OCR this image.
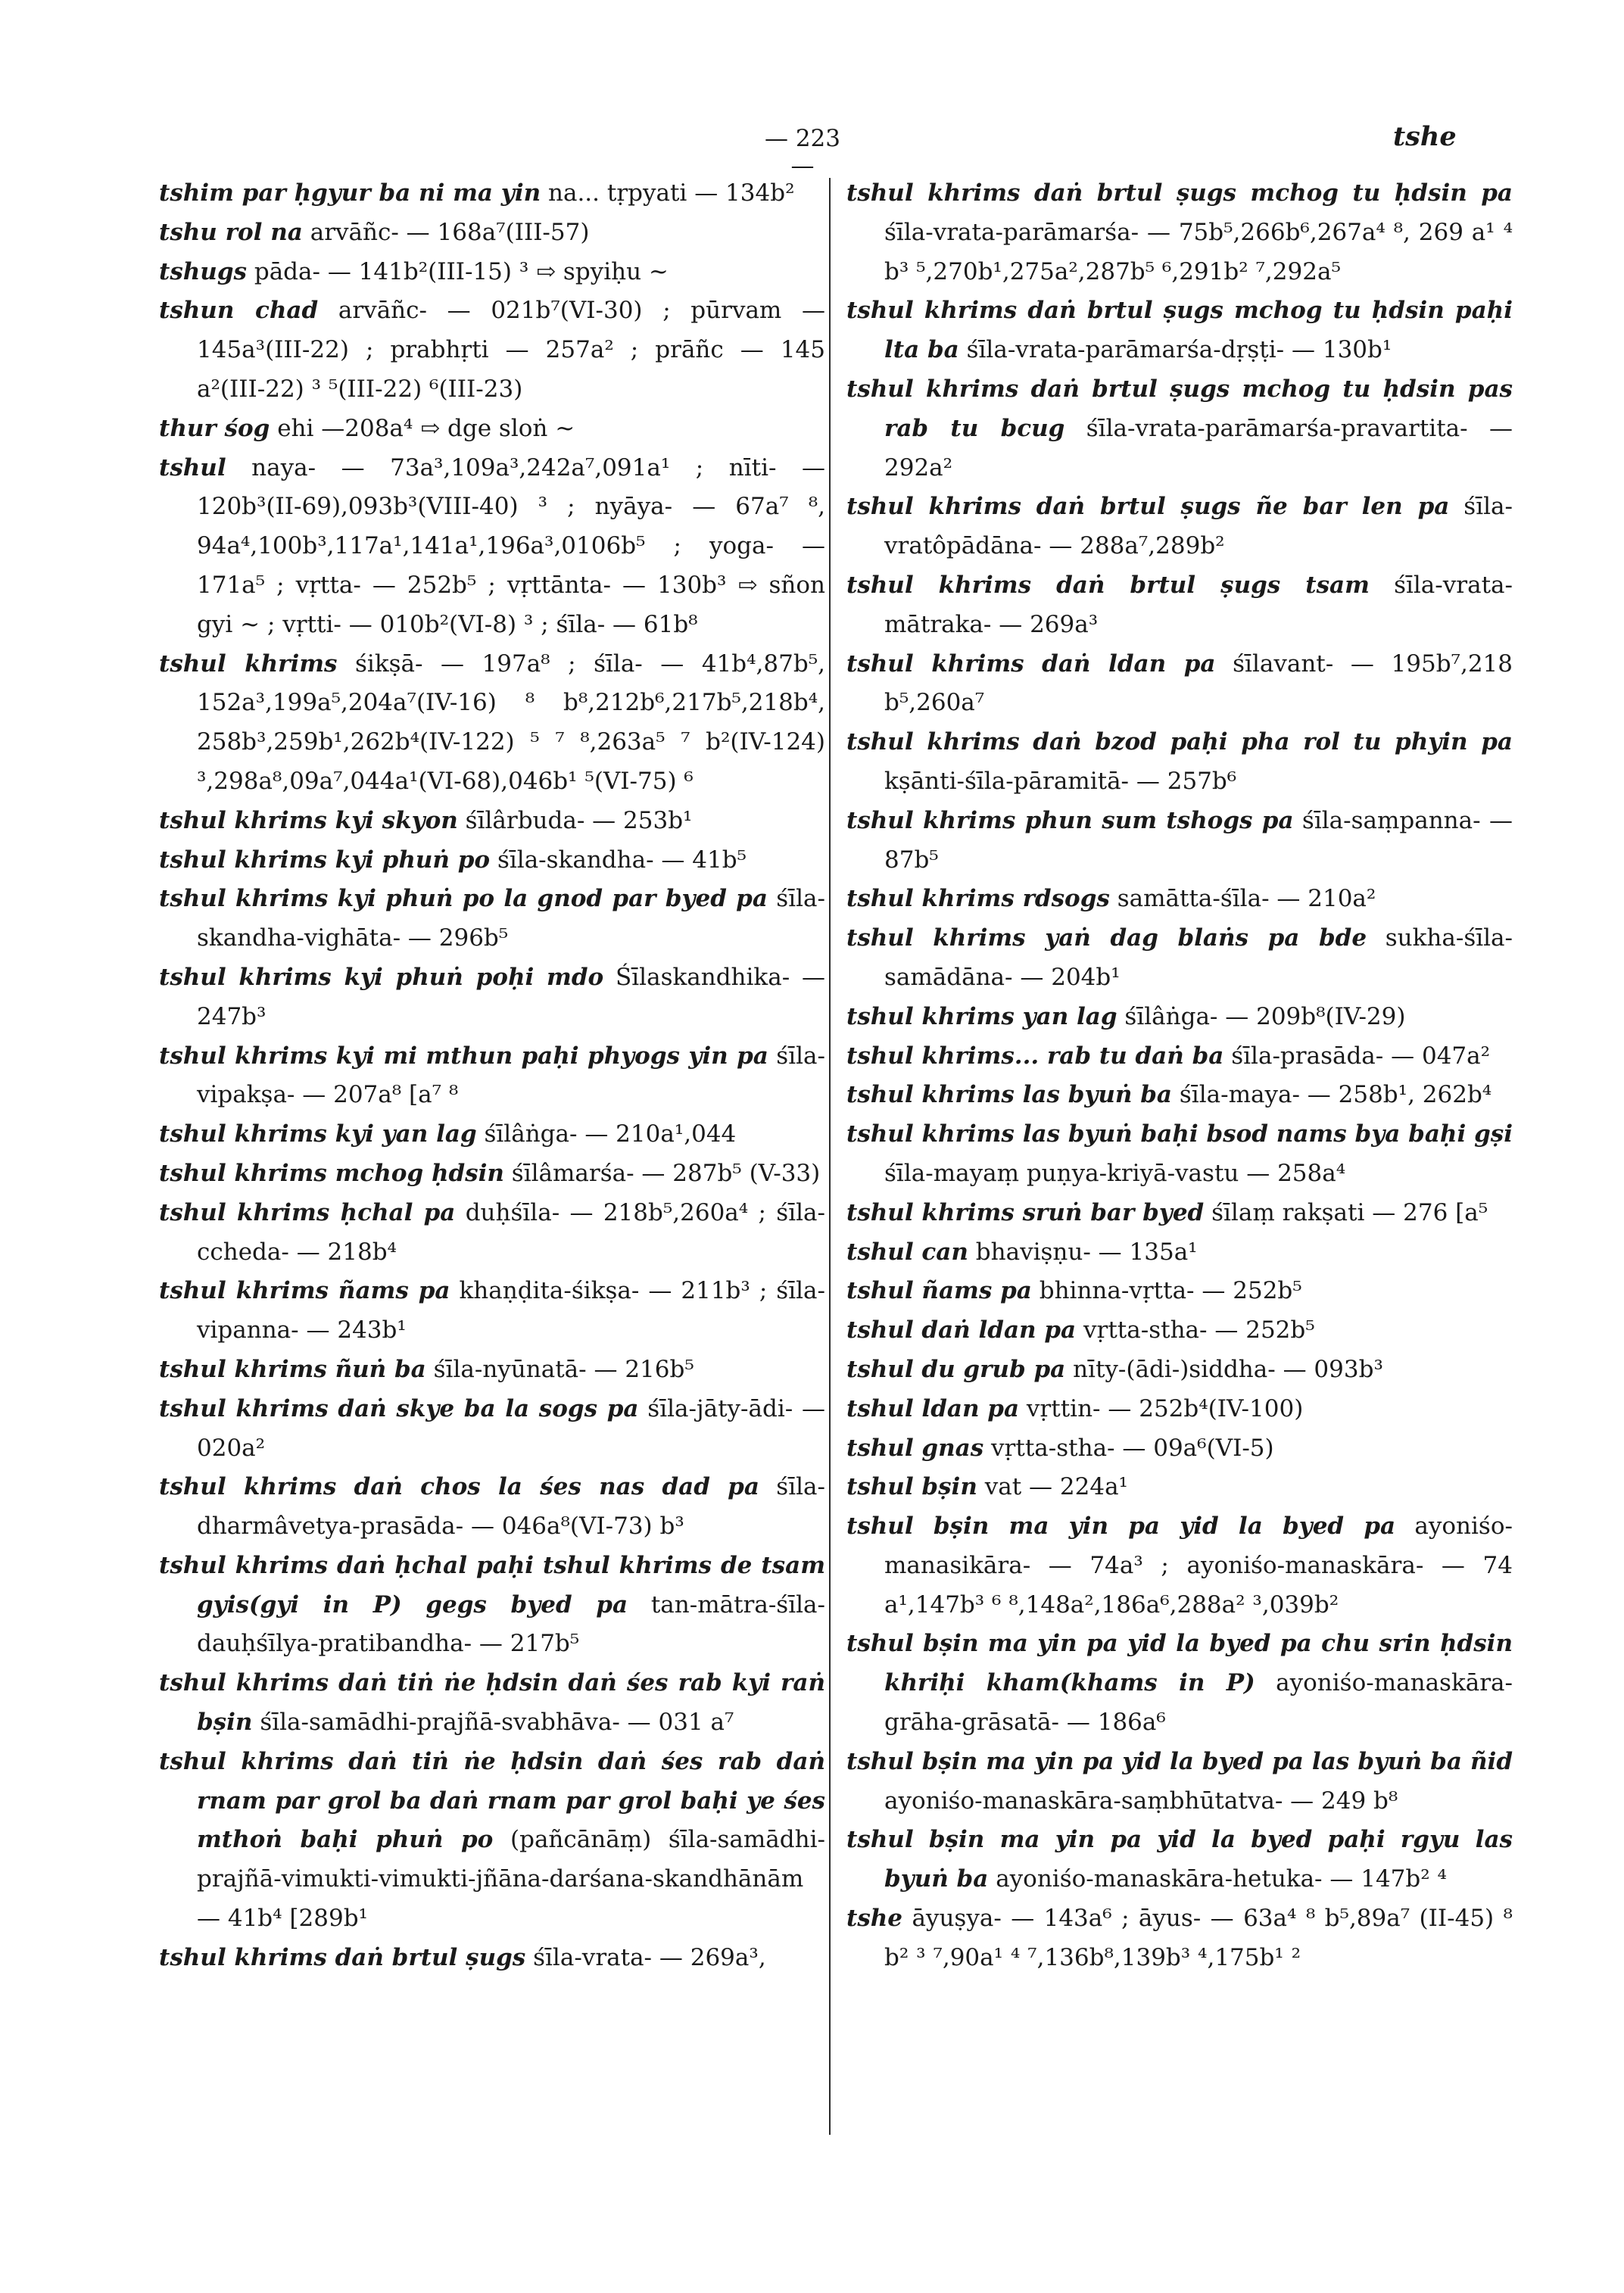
— 223 —
tshe

tshim par ḥgyur ba ni ma yin na... tṛpyati — 134b²

tshu rol na arvāñc- — 168a⁷(III-57)

tshugs pāda- — 141b²(III-15) ³ ⇨ spyiḥu ~

tshun chad arvāñc- — 021b⁷(VI-30) ; pūrvam — 145a³(III-22) ; prabhṛti — 257a² ; prāñc — 145 a²(III-22) ³ ⁵(III-22) ⁶(III-23)

thur śog ehi —208a⁴ ⇨ dge sloṅ ~

tshul naya- — 73a³,109a³,242a⁷,091a¹ ; nīti- — 120b³(II-69),093b³(VIII-40) ³ ; nyāya- — 67a⁷ ⁸, 94a⁴,100b³,117a¹,141a¹,196a³,0106b⁵ ; yoga- — 171a⁵ ; vṛtta- — 252b⁵ ; vṛttānta- — 130b³ ⇨ sñon gyi ~ ; vṛtti- — 010b²(VI-8) ³ ; śīla- — 61b⁸

tshul khrims śikṣā- — 197a⁸ ; śīla- — 41b⁴,87b⁵, 152a³,199a⁵,204a⁷(IV-16) ⁸ b⁸,212b⁶,217b⁵,218b⁴, 258b³,259b¹,262b⁴(IV-122) ⁵ ⁷ ⁸,263a⁵ ⁷ b²(IV-124) ³,298a⁸,09a⁷,044a¹(VI-68),046b¹ ⁵(VI-75) ⁶

tshul khrims kyi skyon śīlârbuda- — 253b¹

tshul khrims kyi phuṅ po śīla-skandha- — 41b⁵

tshul khrims kyi phuṅ po la gnod par byed pa śīla-skandha-vighāta- — 296b⁵

tshul khrims kyi phuṅ poḥi mdo Śīlaskandhika- — 247b³

tshul khrims kyi mi mthun paḥi phyogs yin pa śīla-vipakṣa- — 207a⁸ [a⁷ ⁸

tshul khrims kyi yan lag śīlâṅga- — 210a¹,044

tshul khrims mchog ḥdsin śīlâmarśa- — 287b⁵ (V-33)

tshul khrims ḥchal pa duḥśīla- — 218b⁵,260a⁴ ; śīla-ccheda- — 218b⁴

tshul khrims ñams pa khaṇḍita-śikṣa- — 211b³ ; śīla-vipanna- — 243b¹

tshul khrims ñuṅ ba śīla-nyūnatā- — 216b⁵

tshul khrims daṅ skye ba la sogs pa śīla-jāty-ādi- — 020a²

tshul khrims daṅ chos la śes nas dad pa śīla-dharmâvetya-prasāda- — 046a⁸(VI-73) b³

tshul khrims daṅ ḥchal paḥi tshul khrims de tsam gyis(gyi in P) gegs byed pa tan-mātra-śīla-dauḥśīlya-pratibandha- — 217b⁵

tshul khrims daṅ tiṅ ṅe ḥdsin daṅ śes rab kyi raṅ bṣin śīla-samādhi-prajñā-svabhāva- — 031 a⁷

tshul khrims daṅ tiṅ ṅe ḥdsin daṅ śes rab daṅ rnam par grol ba daṅ rnam par grol baḥi ye śes mthoṅ baḥi phuṅ po (pañcānāṃ) śīla-samādhi-prajñā-vimukti-vimukti-jñāna-darśana-skandhānām — 41b⁴ [289b¹

tshul khrims daṅ brtul ṣugs śīla-vrata- — 269a³,

tshul khrims daṅ brtul ṣugs mchog tu ḥdsin pa śīla-vrata-parāmarśa- — 75b⁵,266b⁶,267a⁴ ⁸, 269 a¹ ⁴ b³ ⁵,270b¹,275a²,287b⁵ ⁶,291b² ⁷,292a⁵

tshul khrims daṅ brtul ṣugs mchog tu ḥdsin paḥi lta ba śīla-vrata-parāmarśa-dṛṣṭi- — 130b¹

tshul khrims daṅ brtul ṣugs mchog tu ḥdsin pas rab tu bcug śīla-vrata-parāmarśa-pravartita- — 292a²

tshul khrims daṅ brtul ṣugs ñe bar len pa śīla-vratôpādāna- — 288a⁷,289b²

tshul khrims daṅ brtul ṣugs tsam śīla-vrata-mātraka- — 269a³

tshul khrims daṅ ldan pa śīlavant- — 195b⁷,218 b⁵,260a⁷

tshul khrims daṅ bzod paḥi pha rol tu phyin pa kṣānti-śīla-pāramitā- — 257b⁶

tshul khrims phun sum tshogs pa śīla-saṃpanna- — 87b⁵

tshul khrims rdsogs samātta-śīla- — 210a²

tshul khrims yaṅ dag blaṅs pa bde sukha-śīla-samādāna- — 204b¹

tshul khrims yan lag śīlâṅga- — 209b⁸(IV-29)

tshul khrims... rab tu daṅ ba śīla-prasāda- — 047a²

tshul khrims las byuṅ ba śīla-maya- — 258b¹, 262b⁴

tshul khrims las byuṅ baḥi bsod nams bya baḥi gṣi śīla-mayaṃ puṇya-kriyā-vastu — 258a⁴

tshul khrims sruṅ bar byed śīlaṃ rakṣati — 276 [a⁵

tshul can bhaviṣṇu- — 135a¹

tshul ñams pa bhinna-vṛtta- — 252b⁵

tshul daṅ ldan pa vṛtta-stha- — 252b⁵

tshul du grub pa nīty-(ādi-)siddha- — 093b³

tshul ldan pa vṛttin- — 252b⁴(IV-100)

tshul gnas vṛtta-stha- — 09a⁶(VI-5)

tshul bṣin vat — 224a¹

tshul bṣin ma yin pa yid la byed pa ayoniśo-manasikāra- — 74a³ ; ayoniśo-manaskāra- — 74 a¹,147b³ ⁶ ⁸,148a²,186a⁶,288a² ³,039b²

tshul bṣin ma yin pa yid la byed pa chu srin ḥdsin khriḥi kham(khams in P) ayoniśo-manaskāra-grāha-grāsatā- — 186a⁶

tshul bṣin ma yin pa yid la byed pa las byuṅ ba ñid ayoniśo-manaskāra-saṃbhūtatva- — 249 b⁸

tshul bṣin ma yin pa yid la byed paḥi rgyu las byuṅ ba ayoniśo-manaskāra-hetuka- — 147b² ⁴

tshe āyuṣya- — 143a⁶ ; āyus- — 63a⁴ ⁸ b⁵,89a⁷ (II-45) ⁸ b² ³ ⁷,90a¹ ⁴ ⁷,136b⁸,139b³ ⁴,175b¹ ²
